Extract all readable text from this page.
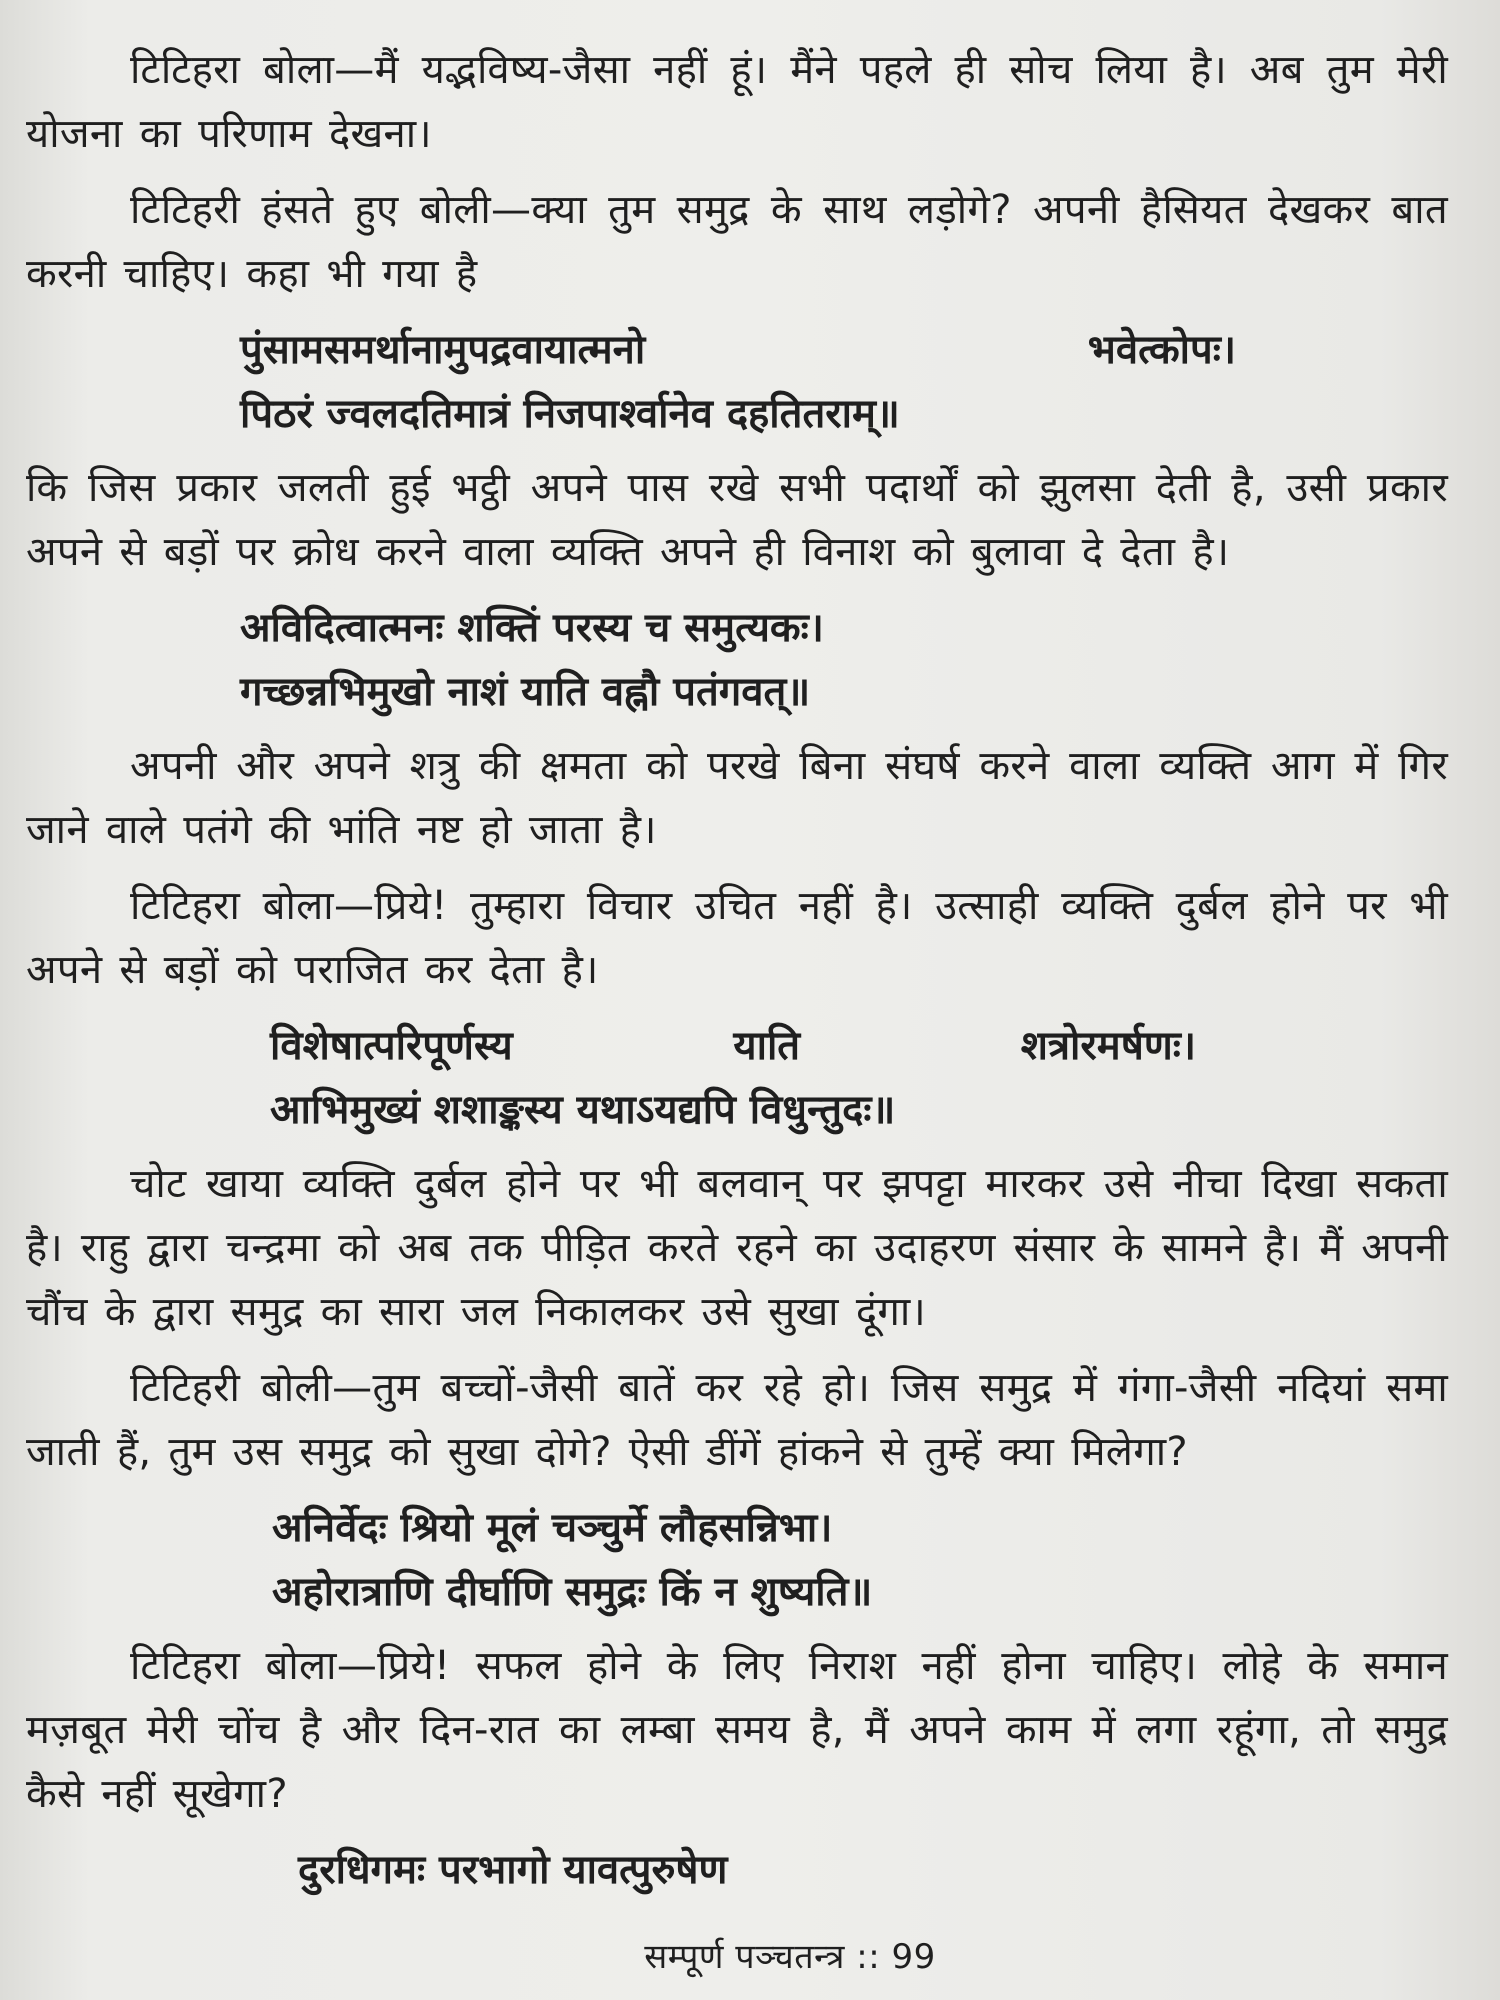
टिटिहरा बोला—मैं यद्भविष्य-जैसा नहीं हूं। मैंने पहले ही सोच लिया है। अब तुम मेरी योजना का परिणाम देखना।

टिटिहरी हंसते हुए बोली—क्या तुम समुद्र के साथ लड़ोगे? अपनी हैसियत देखकर बात करनी चाहिए। कहा भी गया है

पुंसामसमर्थानामुपद्रवायात्मनो	भवेत्कोपः।
पिठरं ज्वलदतिमात्रं निजपार्श्वानेव दहतितराम्॥

कि जिस प्रकार जलती हुई भट्ठी अपने पास रखे सभी पदार्थों को झुलसा देती है, उसी प्रकार अपने से बड़ों पर क्रोध करने वाला व्यक्ति अपने ही विनाश को बुलावा दे देता है।

अविदित्वात्मनः शक्तिं परस्य च समुत्यकः।
गच्छन्नभिमुखो नाशं याति वह्नौ पतंगवत्॥

अपनी और अपने शत्रु की क्षमता को परखे बिना संघर्ष करने वाला व्यक्ति आग में गिर जाने वाले पतंगे की भांति नष्ट हो जाता है।

टिटिहरा बोला—प्रिये! तुम्हारा विचार उचित नहीं है। उत्साही व्यक्ति दुर्बल होने पर भी अपने से बड़ों को पराजित कर देता है।

विशेषात्परिपूर्णस्य	याति	शत्रोरमर्षणः।
आभिमुख्यं शशाङ्कस्य यथाऽयद्यपि विधुन्तुदः॥

चोट खाया व्यक्ति दुर्बल होने पर भी बलवान् पर झपट्टा मारकर उसे नीचा दिखा सकता है। राहु द्वारा चन्द्रमा को अब तक पीड़ित करते रहने का उदाहरण संसार के सामने है। मैं अपनी चौंच के द्वारा समुद्र का सारा जल निकालकर उसे सुखा दूंगा।

टिटिहरी बोली—तुम बच्चों-जैसी बातें कर रहे हो। जिस समुद्र में गंगा-जैसी नदियां समा जाती हैं, तुम उस समुद्र को सुखा दोगे? ऐसी डींगें हांकने से तुम्हें क्या मिलेगा?

अनिर्वेदः श्रियो मूलं चञ्चुर्मे लौहसन्निभा।
अहोरात्राणि दीर्घाणि समुद्रः किं न शुष्यति॥

टिटिहरा बोला—प्रिये! सफल होने के लिए निराश नहीं होना चाहिए। लोहे के समान मज़बूत मेरी चोंच है और दिन-रात का लम्बा समय है, मैं अपने काम में लगा रहूंगा, तो समुद्र कैसे नहीं सूखेगा?

दुरधिगमः परभागो यावत्पुरुषेण
सम्पूर्ण पञ्चतन्त्र :: 99
